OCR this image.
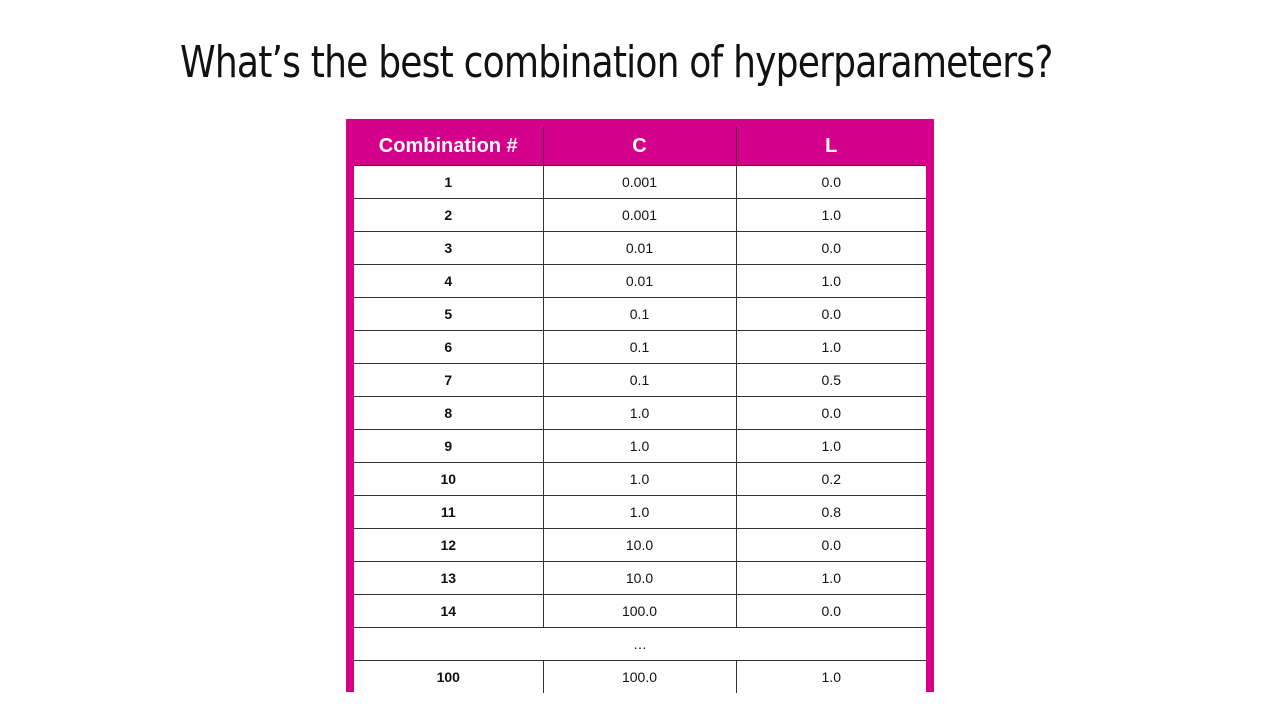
What’s the best combination of hyperparameters?
Combination #	C	L
1	0.001	0.0
2	0.001	1.0
3	0.01	0.0
4	0.01	1.0
5	0.1	0.0
6	0.1	1.0
7	0.1	0.5
8	1.0	0.0
9	1.0	1.0
10	1.0	0.2
11	1.0	0.8
12	10.0	0.0
13	10.0	1.0
14	100.0	0.0
…		
100	100.0	1.0
